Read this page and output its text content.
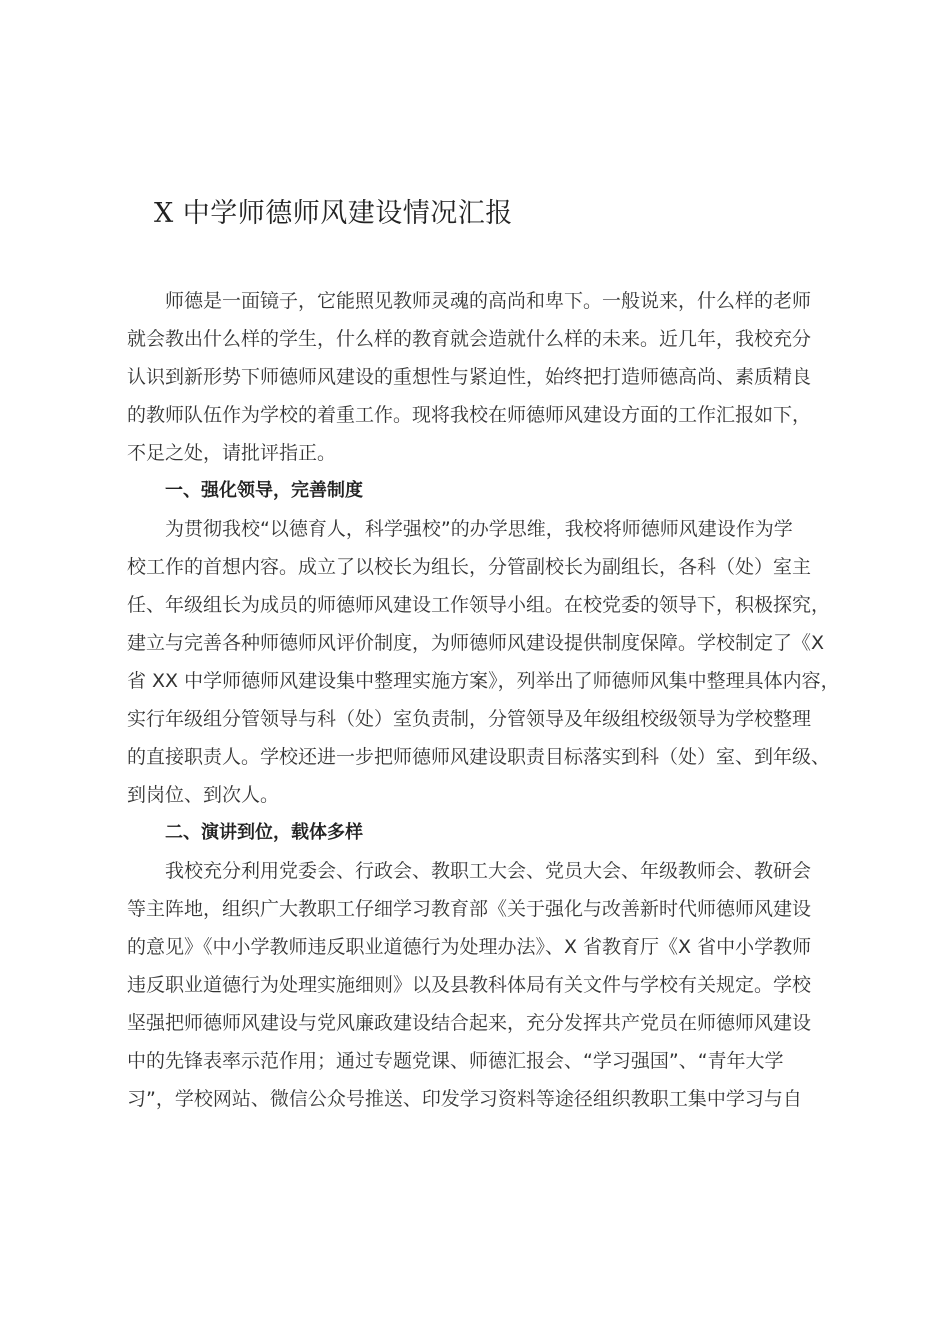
X 中学师德师风建设情况汇报
　　师德是一面镜子，它能照见教师灵魂的高尚和卑下。一般说来，什么样的老师
就会教出什么样的学生，什么样的教育就会造就什么样的未来。近几年，我校充分
认识到新形势下师德师风建设的重想性与紧迫性，始终把打造师德高尚、素质精良
的教师队伍作为学校的着重工作。现将我校在师德师风建设方面的工作汇报如下，
不足之处，请批评指正。
一、强化领导，完善制度
　　为贯彻我校“以德育人，科学强校”的办学思维，我校将师德师风建设作为学
校工作的首想内容。成立了以校长为组长，分管副校长为副组长，各科（处）室主
任、年级组长为成员的师德师风建设工作领导小组。在校党委的领导下，积极探究，
建立与完善各种师德师风评价制度，为师德师风建设提供制度保障。学校制定了《X
省 XX 中学师德师风建设集中整理实施方案》，列举出了师德师风集中整理具体内容，
实行年级组分管领导与科（处）室负责制，分管领导及年级组校级领导为学校整理
的直接职责人。学校还进一步把师德师风建设职责目标落实到科（处）室、到年级、
到岗位、到次人。
二、演讲到位，载体多样
　　我校充分利用党委会、行政会、教职工大会、党员大会、年级教师会、教研会
等主阵地，组织广大教职工仔细学习教育部《关于强化与改善新时代师德师风建设
的意见》《中小学教师违反职业道德行为处理办法》、X 省教育厅《X 省中小学教师
违反职业道德行为处理实施细则》以及县教科体局有关文件与学校有关规定。学校
坚强把师德师风建设与党风廉政建设结合起来，充分发挥共产党员在师德师风建设
中的先锋表率示范作用；通过专题党课、师德汇报会、“学习强国”、“青年大学
习”，学校网站、微信公众号推送、印发学习资料等途径组织教职工集中学习与自
